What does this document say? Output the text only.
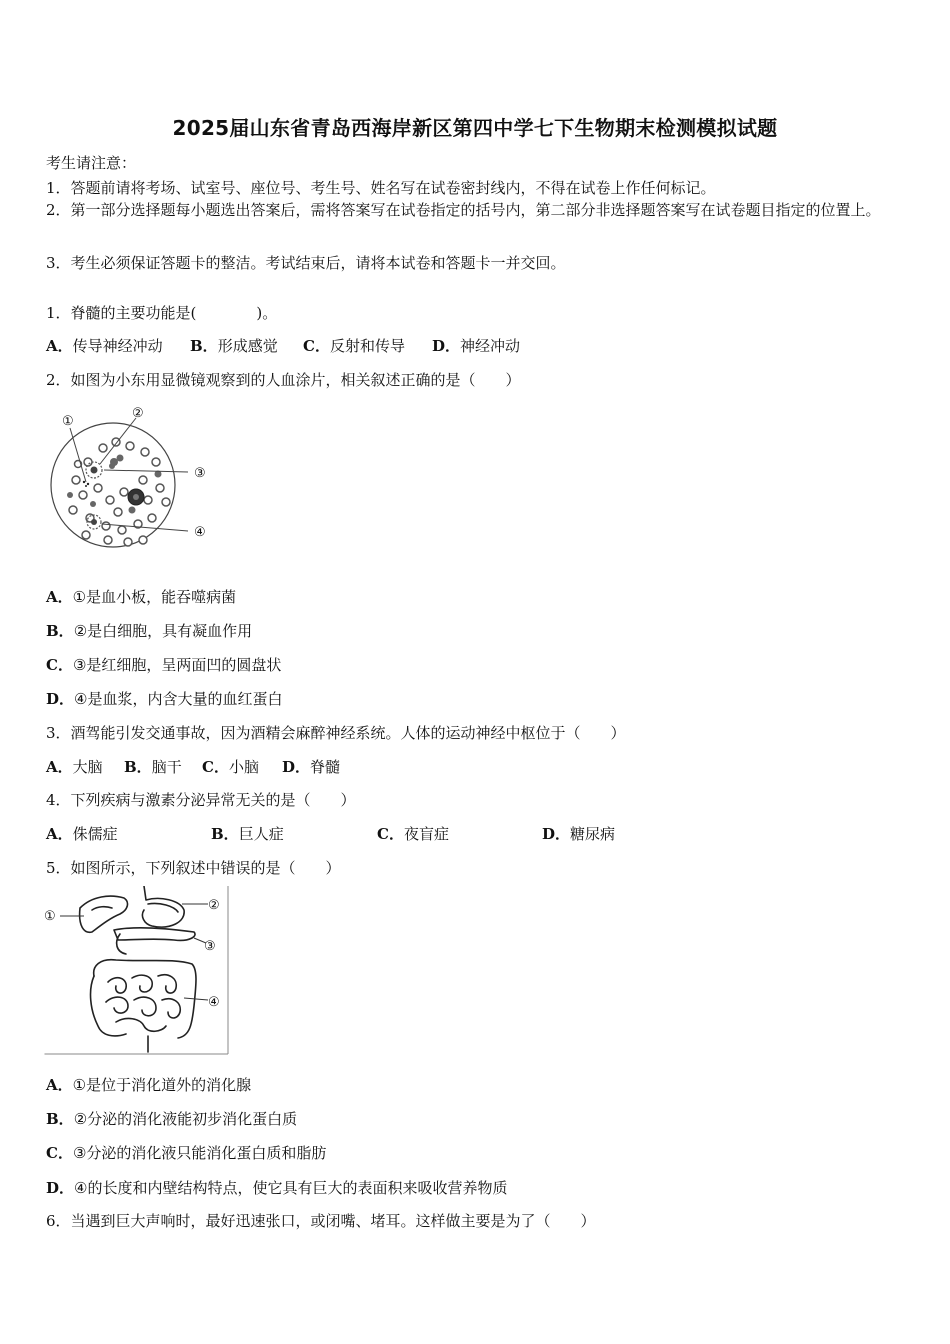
2025届山东省青岛西海岸新区第四中学七下生物期末检测模拟试题
考生请注意：
1．答题前请将考场、试室号、座位号、考生号、姓名写在试卷密封线内，不得在试卷上作任何标记。
2．第一部分选择题每小题选出答案后，需将答案写在试卷指定的括号内，第二部分非选择题答案写在试卷题目指定的位置上。
3．考生必须保证答题卡的整洁。考试结束后，请将本试卷和答题卡一并交回。
1．脊髓的主要功能是(　　　　)。
A．传导神经冲动 B．形成感觉 C．反射和传导 D．神经冲动
2．如图为小东用显微镜观察到的人血涂片，相关叙述正确的是（　　）
①
②
③
④
A．①是血小板，能吞噬病菌
B．②是白细胞，具有凝血作用
C．③是红细胞，呈两面凹的圆盘状
D．④是血浆，内含大量的血红蛋白
3．酒驾能引发交通事故，因为酒精会麻醉神经系统。人体的运动神经中枢位于（　　）
A．大脑 B．脑干 C．小脑 D．脊髓
4．下列疾病与激素分泌异常无关的是（　　）
A．侏儒症	B．巨人症	C．夜盲症	D．糖尿病
5．如图所示，下列叙述中错误的是（　　）
①
②
③
④
A．①是位于消化道外的消化腺
B．②分泌的消化液能初步消化蛋白质
C．③分泌的消化液只能消化蛋白质和脂肪
D．④的长度和内壁结构特点，使它具有巨大的表面积来吸收营养物质
6．当遇到巨大声响时，最好迅速张口，或闭嘴、堵耳。这样做主要是为了（　　）
